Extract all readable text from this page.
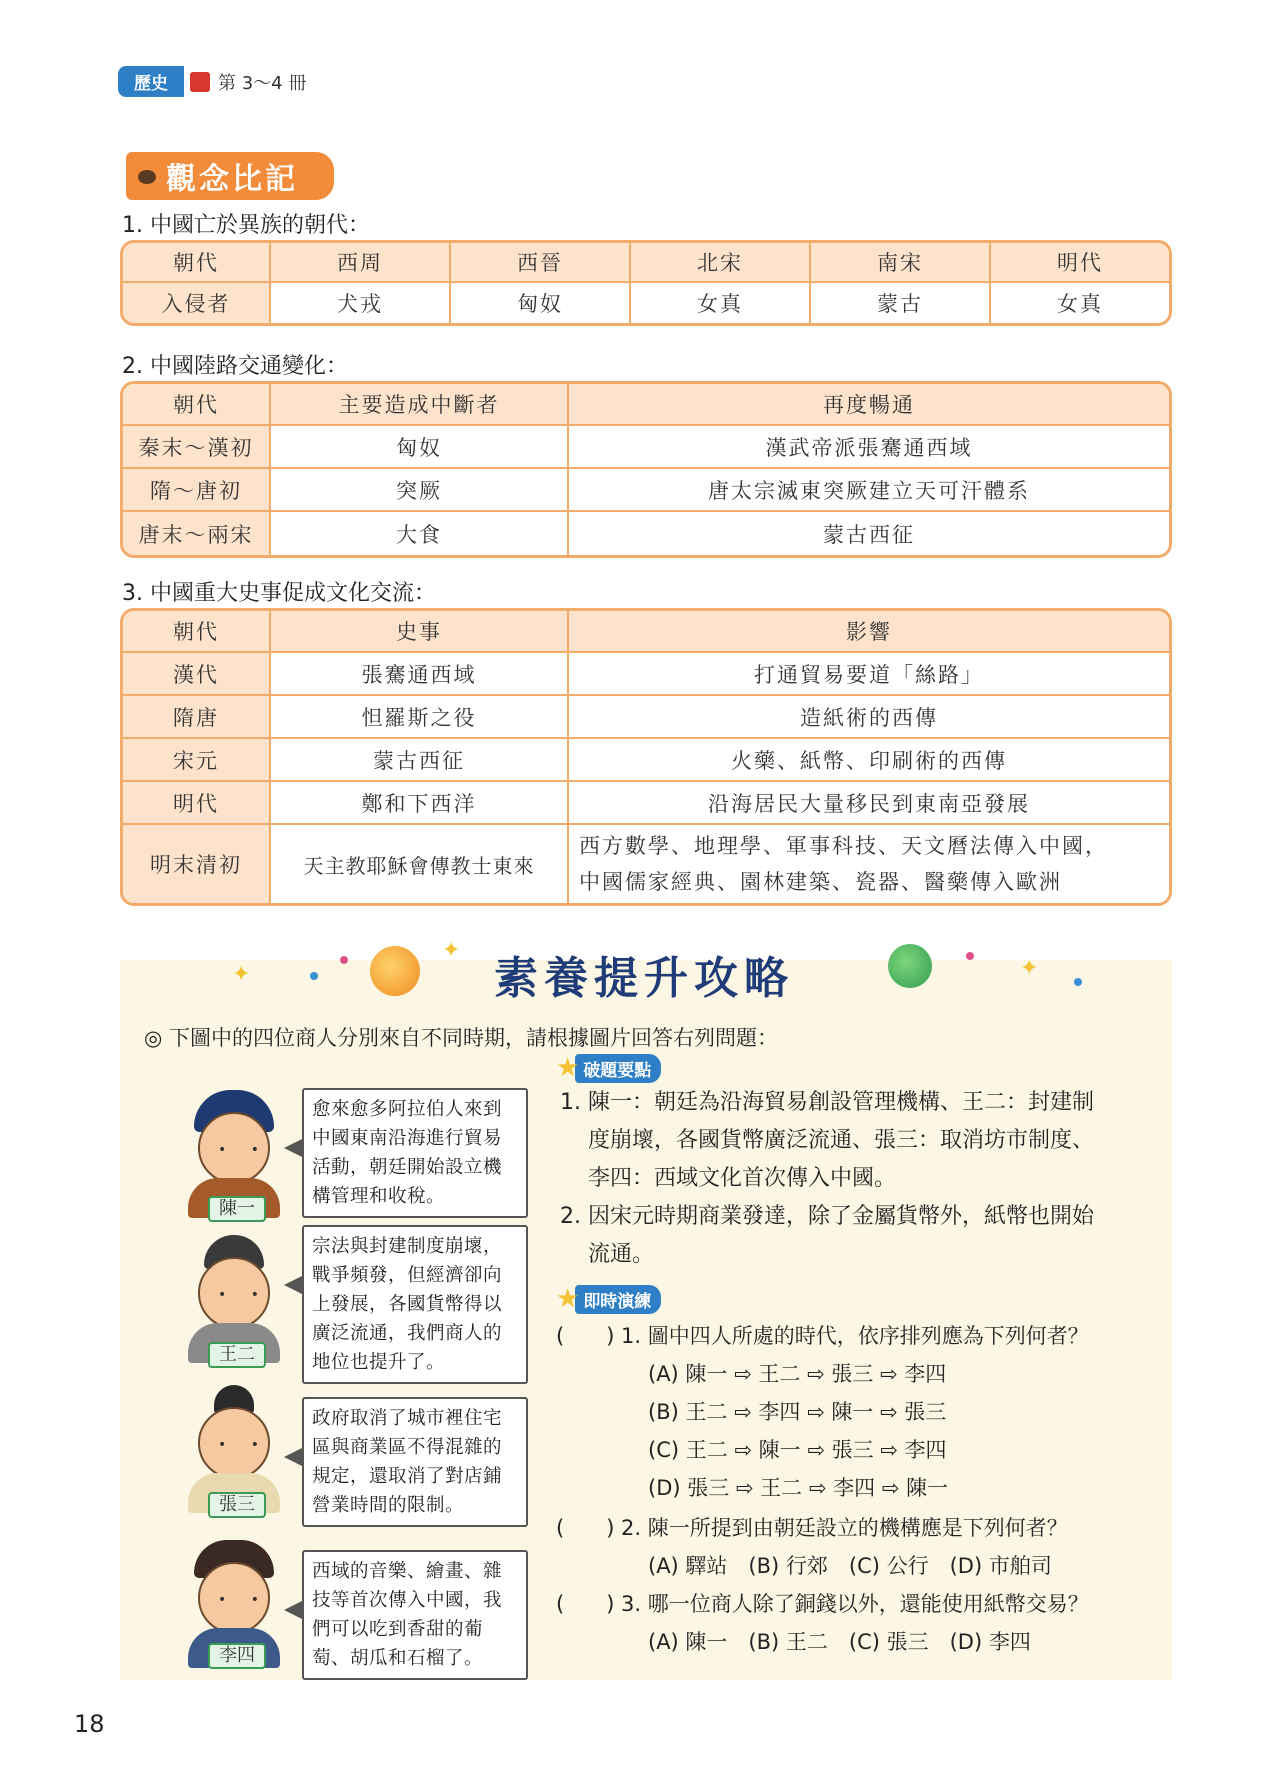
歷史	第 3～4 冊
觀念比記
1. 中國亡於異族的朝代：
朝代	西周	西晉	北宋	南宋	明代
入侵者	犬戎	匈奴	女真	蒙古	女真
2. 中國陸路交通變化：
朝代	主要造成中斷者	再度暢通
秦末～漢初	匈奴	漢武帝派張騫通西域
隋～唐初	突厥	唐太宗滅東突厥建立天可汗體系
唐末～兩宋	大食	蒙古西征
3. 中國重大史事促成文化交流：
朝代	史事	影響
漢代	張騫通西域	打通貿易要道「絲路」
隋唐	怛羅斯之役	造紙術的西傳
宋元	蒙古西征	火藥、紙幣、印刷術的西傳
明代	鄭和下西洋	沿海居民大量移民到東南亞發展
明末清初	天主教耶穌會傳教士東來	西方數學、地理學、軍事科技、天文曆法傳入中國，
中國儒家經典、園林建築、瓷器、醫藥傳入歐洲
✦
✦
✦
素養提升攻略
◎ 下圖中的四位商人分別來自不同時期，請根據圖片回答右列問題：
• •
陳一
愈來愈多阿拉伯人來到中國東南沿海進行貿易活動，朝廷開始設立機構管理和收稅。
• •
王二
宗法與封建制度崩壞，戰爭頻發，但經濟卻向上發展，各國貨幣得以廣泛流通，我們商人的地位也提升了。
• •
張三
政府取消了城市裡住宅區與商業區不得混雜的規定，還取消了對店鋪營業時間的限制。
• •
李四
西域的音樂、繪畫、雜技等首次傳入中國，我們可以吃到香甜的葡萄、胡瓜和石榴了。
★ 破題要點
1. 陳一：朝廷為沿海貿易創設管理機構、王二：封建制
度崩壞，各國貨幣廣泛流通、張三：取消坊市制度、
李四：西域文化首次傳入中國。
2. 因宋元時期商業發達，除了金屬貨幣外，紙幣也開始
流通。
★ 即時演練
(　　) 1. 圖中四人所處的時代，依序排列應為下列何者？
(A) 陳一 ⇨ 王二 ⇨ 張三 ⇨ 李四
(B) 王二 ⇨ 李四 ⇨ 陳一 ⇨ 張三
(C) 王二 ⇨ 陳一 ⇨ 張三 ⇨ 李四
(D) 張三 ⇨ 王二 ⇨ 李四 ⇨ 陳一
(　　) 2. 陳一所提到由朝廷設立的機構應是下列何者？
(A) 驛站　(B) 行郊　(C) 公行　(D) 市舶司
(　　) 3. 哪一位商人除了銅錢以外，還能使用紙幣交易？
(A) 陳一　(B) 王二　(C) 張三　(D) 李四
18
